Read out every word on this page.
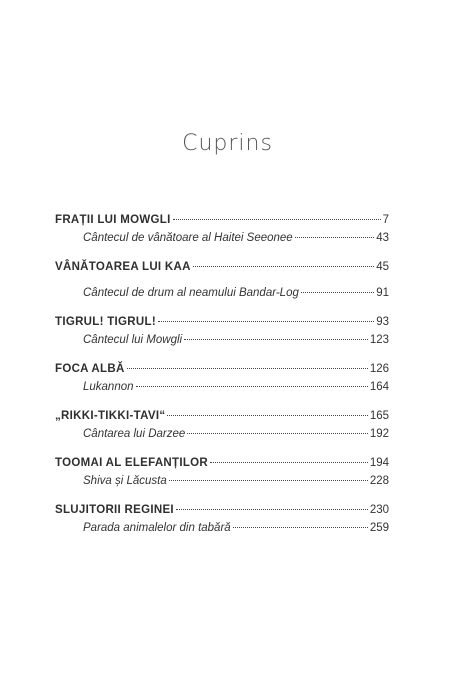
Cuprins
FRAȚII LUI MOWGLI	7
Cântecul de vânătoare al Haitei Seeonee	43
VÂNĂTOAREA LUI KAA	45
Cântecul de drum al neamului Bandar-Log	91
TIGRUL! TIGRUL!	93
Cântecul lui Mowgli	123
FOCA ALBĂ	126
Lukannon	164
„RIKKI-TIKKI-TAVI“	165
Cântarea lui Darzee	192
TOOMAI AL ELEFANȚILOR	194
Shiva și Lăcusta	228
SLUJITORII REGINEI	230
Parada animalelor din tabără	259
